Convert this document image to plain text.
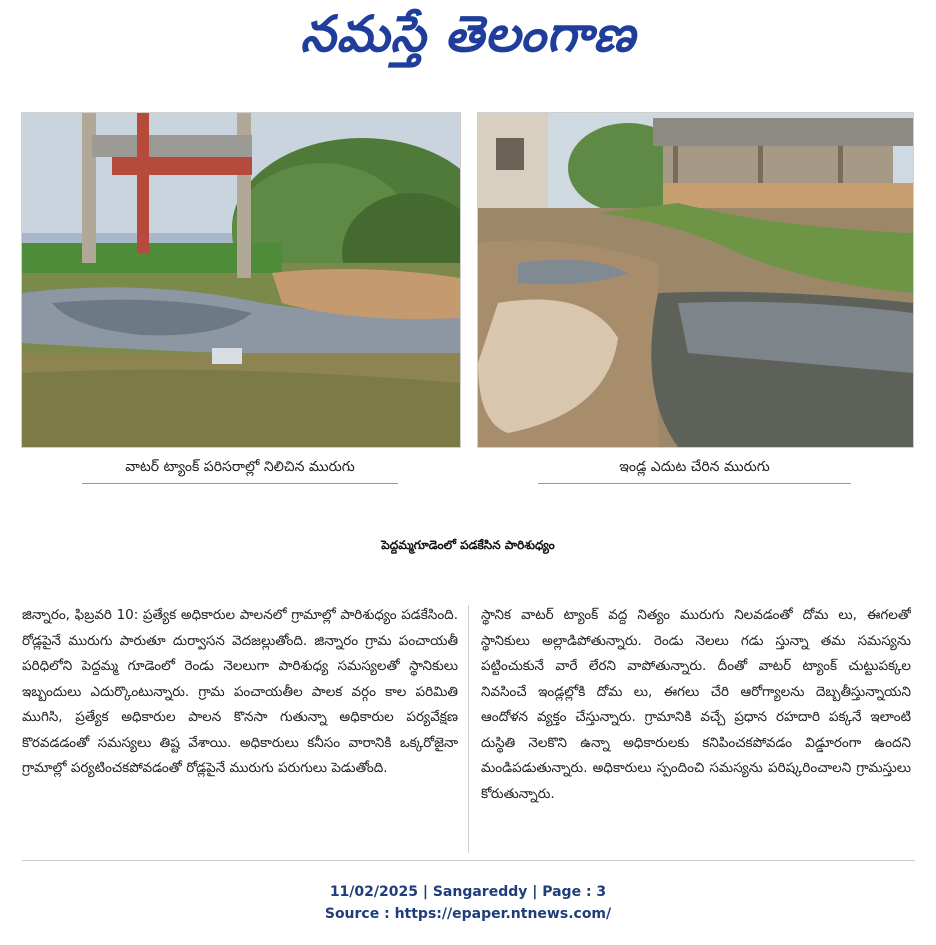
నమస్తే తెలంగాణ
వాటర్‌ ట్యాంక్‌ పరిసరాల్లో నిలిచిన మురుగు	ఇండ్ల ఎదుట చేరిన మురుగు
పెద్దమ్మగూడెంలో పడకేసిన పారిశుధ్యం
జిన్నారం, ఫిబ్రవరి 10: ప్రత్యేక అధికారుల పాలనలో గ్రామాల్లో పారిశుధ్యం పడకేసింది. రోడ్లపైనే మురుగు పారుతూ దుర్వాసన వెదజల్లుతోంది. జిన్నారం గ్రామ పంచాయతీ పరిధిలోని పెద్దమ్మ గూడెంలో రెండు నెలలుగా పారిశుధ్య సమస్యలతో స్థానికులు ఇబ్బందులు ఎదుర్కొంటున్నారు. గ్రామ పంచాయతీల పాలక వర్గం కాల పరిమితి ముగిసి, ప్రత్యేక అధికారుల పాలన కొనసా గుతున్నా అధికారుల పర్యవేక్షణ కొరవడడంతో సమస్యలు తిష్ట వేశాయి. అధికారులు కనీసం వారానికి ఒక్కరోజైనా గ్రామాల్లో పర్యటించకపోవడంతో రోడ్లపైనే మురుగు పరుగులు పెడుతోంది.
స్థానిక వాటర్‌ ట్యాంక్‌ వద్ద నిత్యం మురుగు నిలవడంతో దోమ లు, ఈగలతో స్థానికులు అల్లాడిపోతున్నారు. రెండు నెలలు గడు స్తున్నా తమ సమస్యను పట్టించుకునే వారే లేరని వాపోతున్నారు. దీంతో వాటర్‌ ట్యాంక్‌ చుట్టుపక్కల నివసించే ఇండ్లల్లోకి దోమ లు, ఈగలు చేరి ఆరోగ్యాలను దెబ్బతీస్తున్నాయని ఆందోళన వ్యక్తం చేస్తున్నారు. గ్రామానికి వచ్చే ప్రధాన రహదారి పక్కనే ఇలాంటి దుస్థితి నెలకొని ఉన్నా అధికారులకు కనిపించకపోవడం విడ్డూరంగా ఉందని మండిపడుతున్నారు. అధికారులు స్పందించి సమస్యను పరిష్కరించాలని గ్రామస్తులు కోరుతున్నారు.
11/02/2025 | Sangareddy | Page : 3
Source : https://epaper.ntnews.com/
